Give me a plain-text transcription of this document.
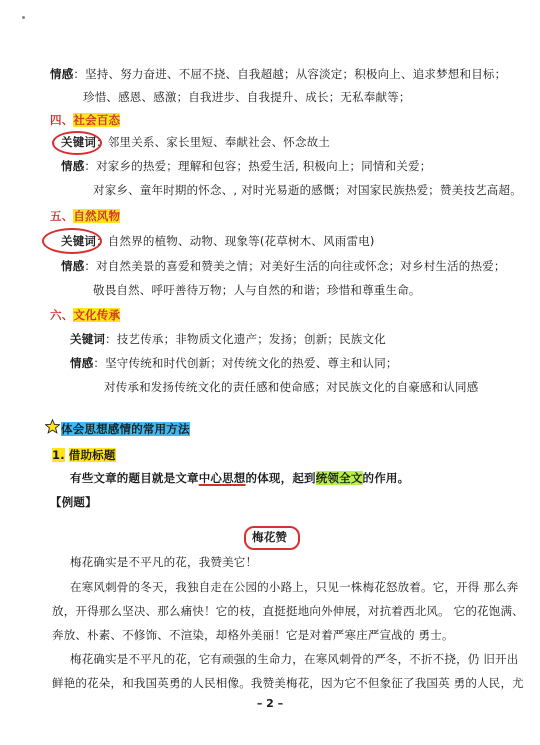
情感：坚持、努力奋进、不屈不挠、自我超越；从容淡定；积极向上、追求梦想和目标；
珍惜、感恩、感激；自我进步、自我提升、成长；无私奉献等；
四、社会百态
关键词：邻里关系、家长里短、奉献社会、怀念故土
情感：对家乡的热爱；理解和包容；热爱生活, 积极向上；同情和关爱；
对家乡、童年时期的怀念、, 对时光易逝的感慨；对国家民族热爱；赞美技艺高超。
五、自然风物
关键词：自然界的植物、动物、现象等(花草树木、风雨雷电)
情感：对自然美景的喜爱和赞美之情；对美好生活的向往或怀念；对乡村生活的热爱；
敬畏自然、呼吁善待万物；人与自然的和谐；珍惜和尊重生命。
六、文化传承
关键词：技艺传承；非物质文化遗产；发扬；创新；民族文化
情感：坚守传统和时代创新；对传统文化的热爱、尊主和认同；
对传承和发扬传统文化的责任感和使命感；对民族文化的自豪感和认同感
体会思想感情的常用方法
1. 借助标题
有些文章的题目就是文章中心思想的体现，起到统领全文的作用。
【例题】
梅花赞
梅花确实是不平凡的花，我赞美它！
在寒风刺骨的冬天，我独自走在公园的小路上，只见一株梅花怒放着。它，开得 那么奔
放，开得那么坚决、那么痛快！它的枝，直挺挺地向外伸展，对抗着西北风。 它的花饱满、
奔放、朴素、不修饰、不渲染，却格外美丽！它是对着严寒庄严宣战的 勇士。
梅花确实是不平凡的花，它有顽强的生命力，在寒风刺骨的严冬，不折不挠，仍 旧开出
鲜艳的花朵，和我国英勇的人民相像。我赞美梅花，因为它不但象征了我国英 勇的人民，尤
– 2 –
